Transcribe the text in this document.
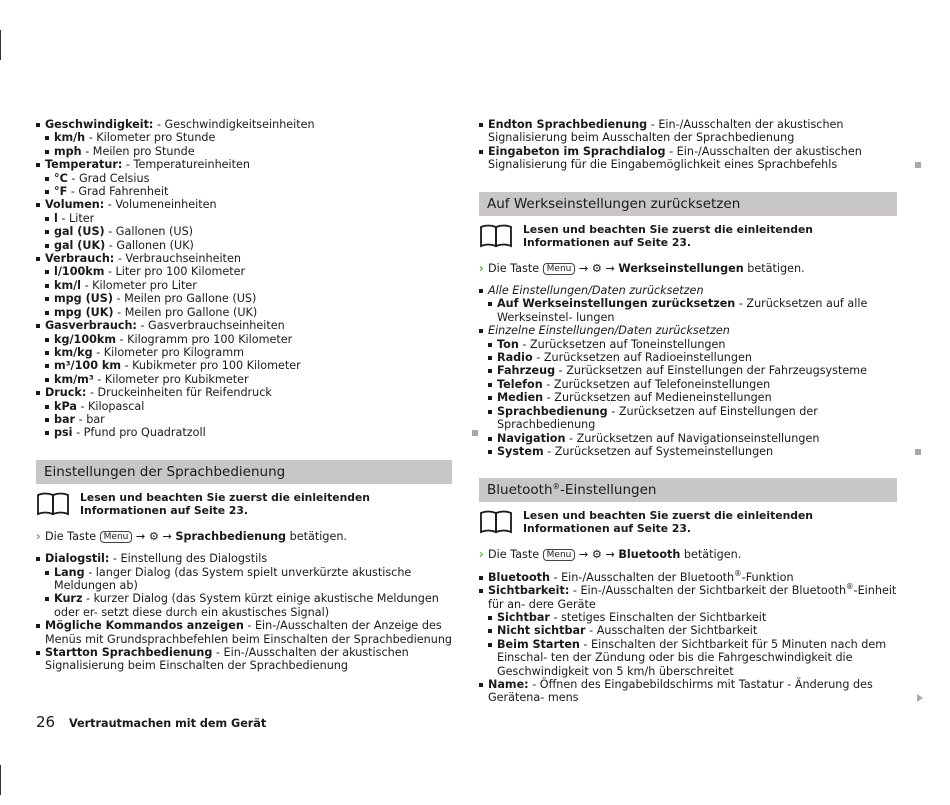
Geschwindigkeit: - Geschwindigkeitseinheiten
km/h - Kilometer pro Stunde
mph - Meilen pro Stunde
Temperatur: - Temperatureinheiten
°C - Grad Celsius
°F - Grad Fahrenheit
Volumen: - Volumeneinheiten
l - Liter
gal (US) - Gallonen (US)
gal (UK) - Gallonen (UK)
Verbrauch: - Verbrauchseinheiten
l/100km - Liter pro 100 Kilometer
km/l - Kilometer pro Liter
mpg (US) - Meilen pro Gallone (US)
mpg (UK) - Meilen pro Gallone (UK)
Gasverbrauch: - Gasverbrauchseinheiten
kg/100km - Kilogramm pro 100 Kilometer
km/kg - Kilometer pro Kilogramm
m³/100 km - Kubikmeter pro 100 Kilometer
km/m³ - Kilometer pro Kubikmeter
Druck: - Druckeinheiten für Reifendruck
kPa - Kilopascal
bar - bar
psi - Pfund pro Quadratzoll
Einstellungen der Sprachbedienung
Lesen und beachten Sie zuerst die einleitenden Informationen auf Seite 23.
› Die Taste Menu → ⚙ → Sprachbedienung betätigen.
Dialogstil: - Einstellung des Dialogstils
Lang - langer Dialog (das System spielt unverkürzte akustische Meldungen ab)
Kurz - kurzer Dialog (das System kürzt einige akustische Meldungen oder er- setzt diese durch ein akustisches Signal)
Mögliche Kommandos anzeigen - Ein-/Ausschalten der Anzeige des Menüs mit Grundsprachbefehlen beim Einschalten der Sprachbedienung
Startton Sprachbedienung - Ein-/Ausschalten der akustischen Signalisierung beim Einschalten der Sprachbedienung
Endton Sprachbedienung - Ein-/Ausschalten der akustischen Signalisierung beim Ausschalten der Sprachbedienung
Eingabeton im Sprachdialog - Ein-/Ausschalten der akustischen Signalisierung für die Eingabemöglichkeit eines Sprachbefehls
Auf Werkseinstellungen zurücksetzen
Lesen und beachten Sie zuerst die einleitenden Informationen auf Seite 23.
› Die Taste Menu → ⚙ → Werkseinstellungen betätigen.
Alle Einstellungen/Daten zurücksetzen
Auf Werkseinstellungen zurücksetzen - Zurücksetzen auf alle Werkseinstel- lungen
Einzelne Einstellungen/Daten zurücksetzen
Ton - Zurücksetzen auf Toneinstellungen
Radio - Zurücksetzen auf Radioeinstellungen
Fahrzeug - Zurücksetzen auf Einstellungen der Fahrzeugsysteme
Telefon - Zurücksetzen auf Telefoneinstellungen
Medien - Zurücksetzen auf Medieneinstellungen
Sprachbedienung - Zurücksetzen auf Einstellungen der Sprachbedienung
Navigation - Zurücksetzen auf Navigationseinstellungen
System - Zurücksetzen auf Systemeinstellungen
Bluetooth®-Einstellungen
Lesen und beachten Sie zuerst die einleitenden Informationen auf Seite 23.
› Die Taste Menu → ⚙ → Bluetooth betätigen.
Bluetooth - Ein-/Ausschalten der Bluetooth®-Funktion
Sichtbarkeit: - Ein-/Ausschalten der Sichtbarkeit der Bluetooth®-Einheit für an- dere Geräte
Sichtbar - stetiges Einschalten der Sichtbarkeit
Nicht sichtbar - Ausschalten der Sichtbarkeit
Beim Starten - Einschalten der Sichtbarkeit für 5 Minuten nach dem Einschal- ten der Zündung oder bis die Fahrgeschwindigkeit die Geschwindigkeit von 5 km/h überschreitet
Name: - Öffnen des Eingabebildschirms mit Tastatur - Änderung des Gerätena- mens
26 Vertrautmachen mit dem Gerät
